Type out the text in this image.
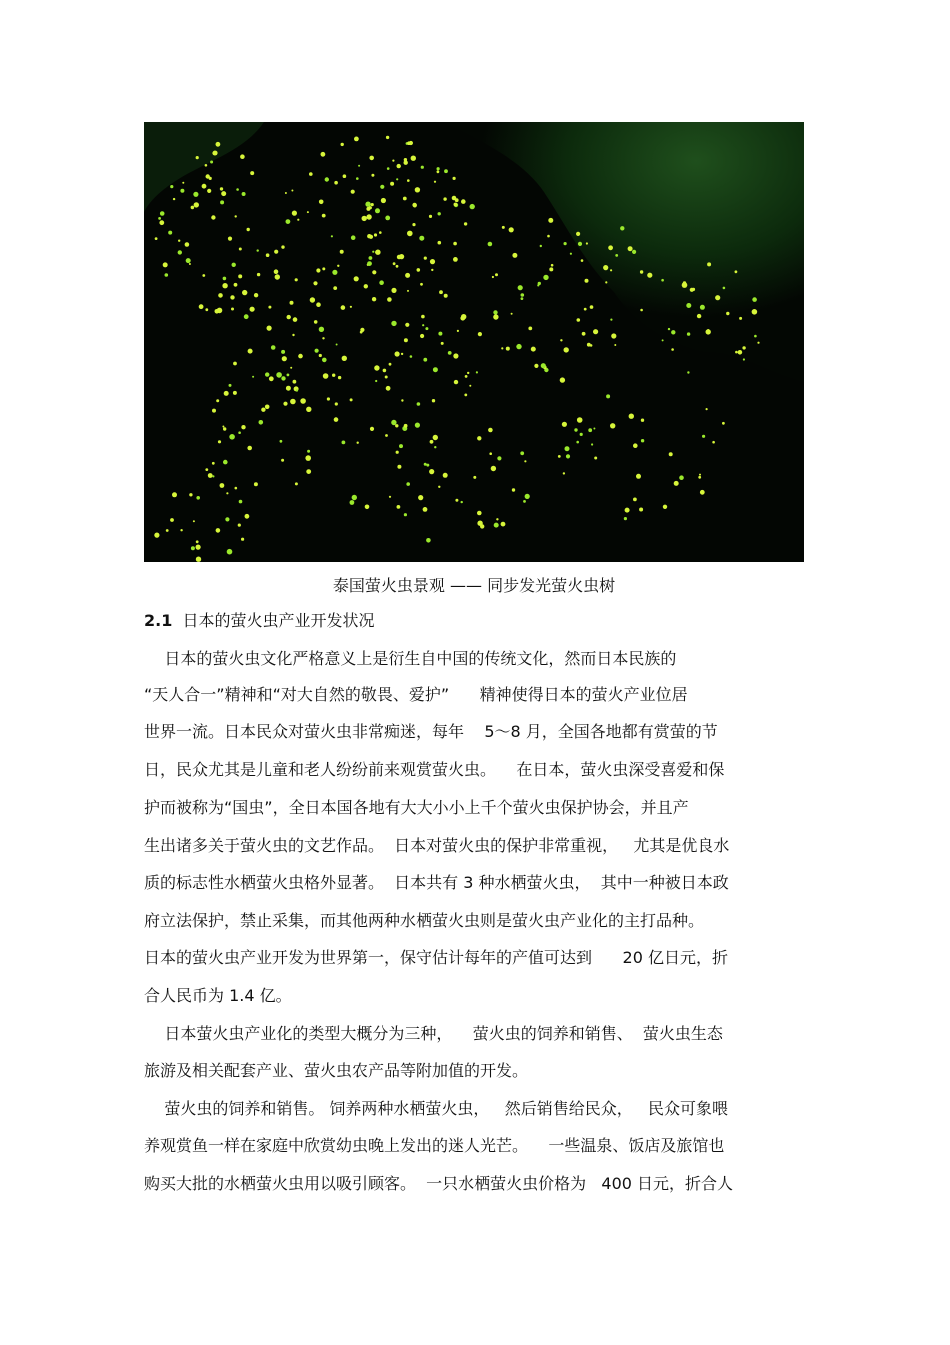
泰国萤火虫景观 —— 同步发光萤火虫树
2.1 日本的萤火虫产业开发状况
日本的萤火虫文化严格意义上是衍生自中国的传统文化，然而日本民族的
“天人合一”精神和“对大自然的敬畏、爱护”      精神使得日本的萤火产业位居
世界一流。日本民众对萤火虫非常痴迷，每年    5～8 月，全国各地都有赏萤的节
日，民众尤其是儿童和老人纷纷前来观赏萤火虫。    在日本，萤火虫深受喜爱和保
护而被称为“国虫”，全日本国各地有大大小小上千个萤火虫保护协会，并且产
生出诸多关于萤火虫的文艺作品。  日本对萤火虫的保护非常重视，   尤其是优良水
质的标志性水栖萤火虫格外显著。  日本共有 3 种水栖萤火虫，  其中一种被日本政
府立法保护，禁止采集，而其他两种水栖萤火虫则是萤火虫产业化的主打品种。
日本的萤火虫产业开发为世界第一，保守估计每年的产值可达到      20 亿日元，折
合人民币为 1.4 亿。
日本萤火虫产业化的类型大概分为三种，    萤火虫的饲养和销售、  萤火虫生态
旅游及相关配套产业、萤火虫农产品等附加值的开发。
萤火虫的饲养和销售。 饲养两种水栖萤火虫，   然后销售给民众，   民众可象喂
养观赏鱼一样在家庭中欣赏幼虫晚上发出的迷人光芒。    一些温泉、饭店及旅馆也
购买大批的水栖萤火虫用以吸引顾客。  一只水栖萤火虫价格为   400 日元，折合人
